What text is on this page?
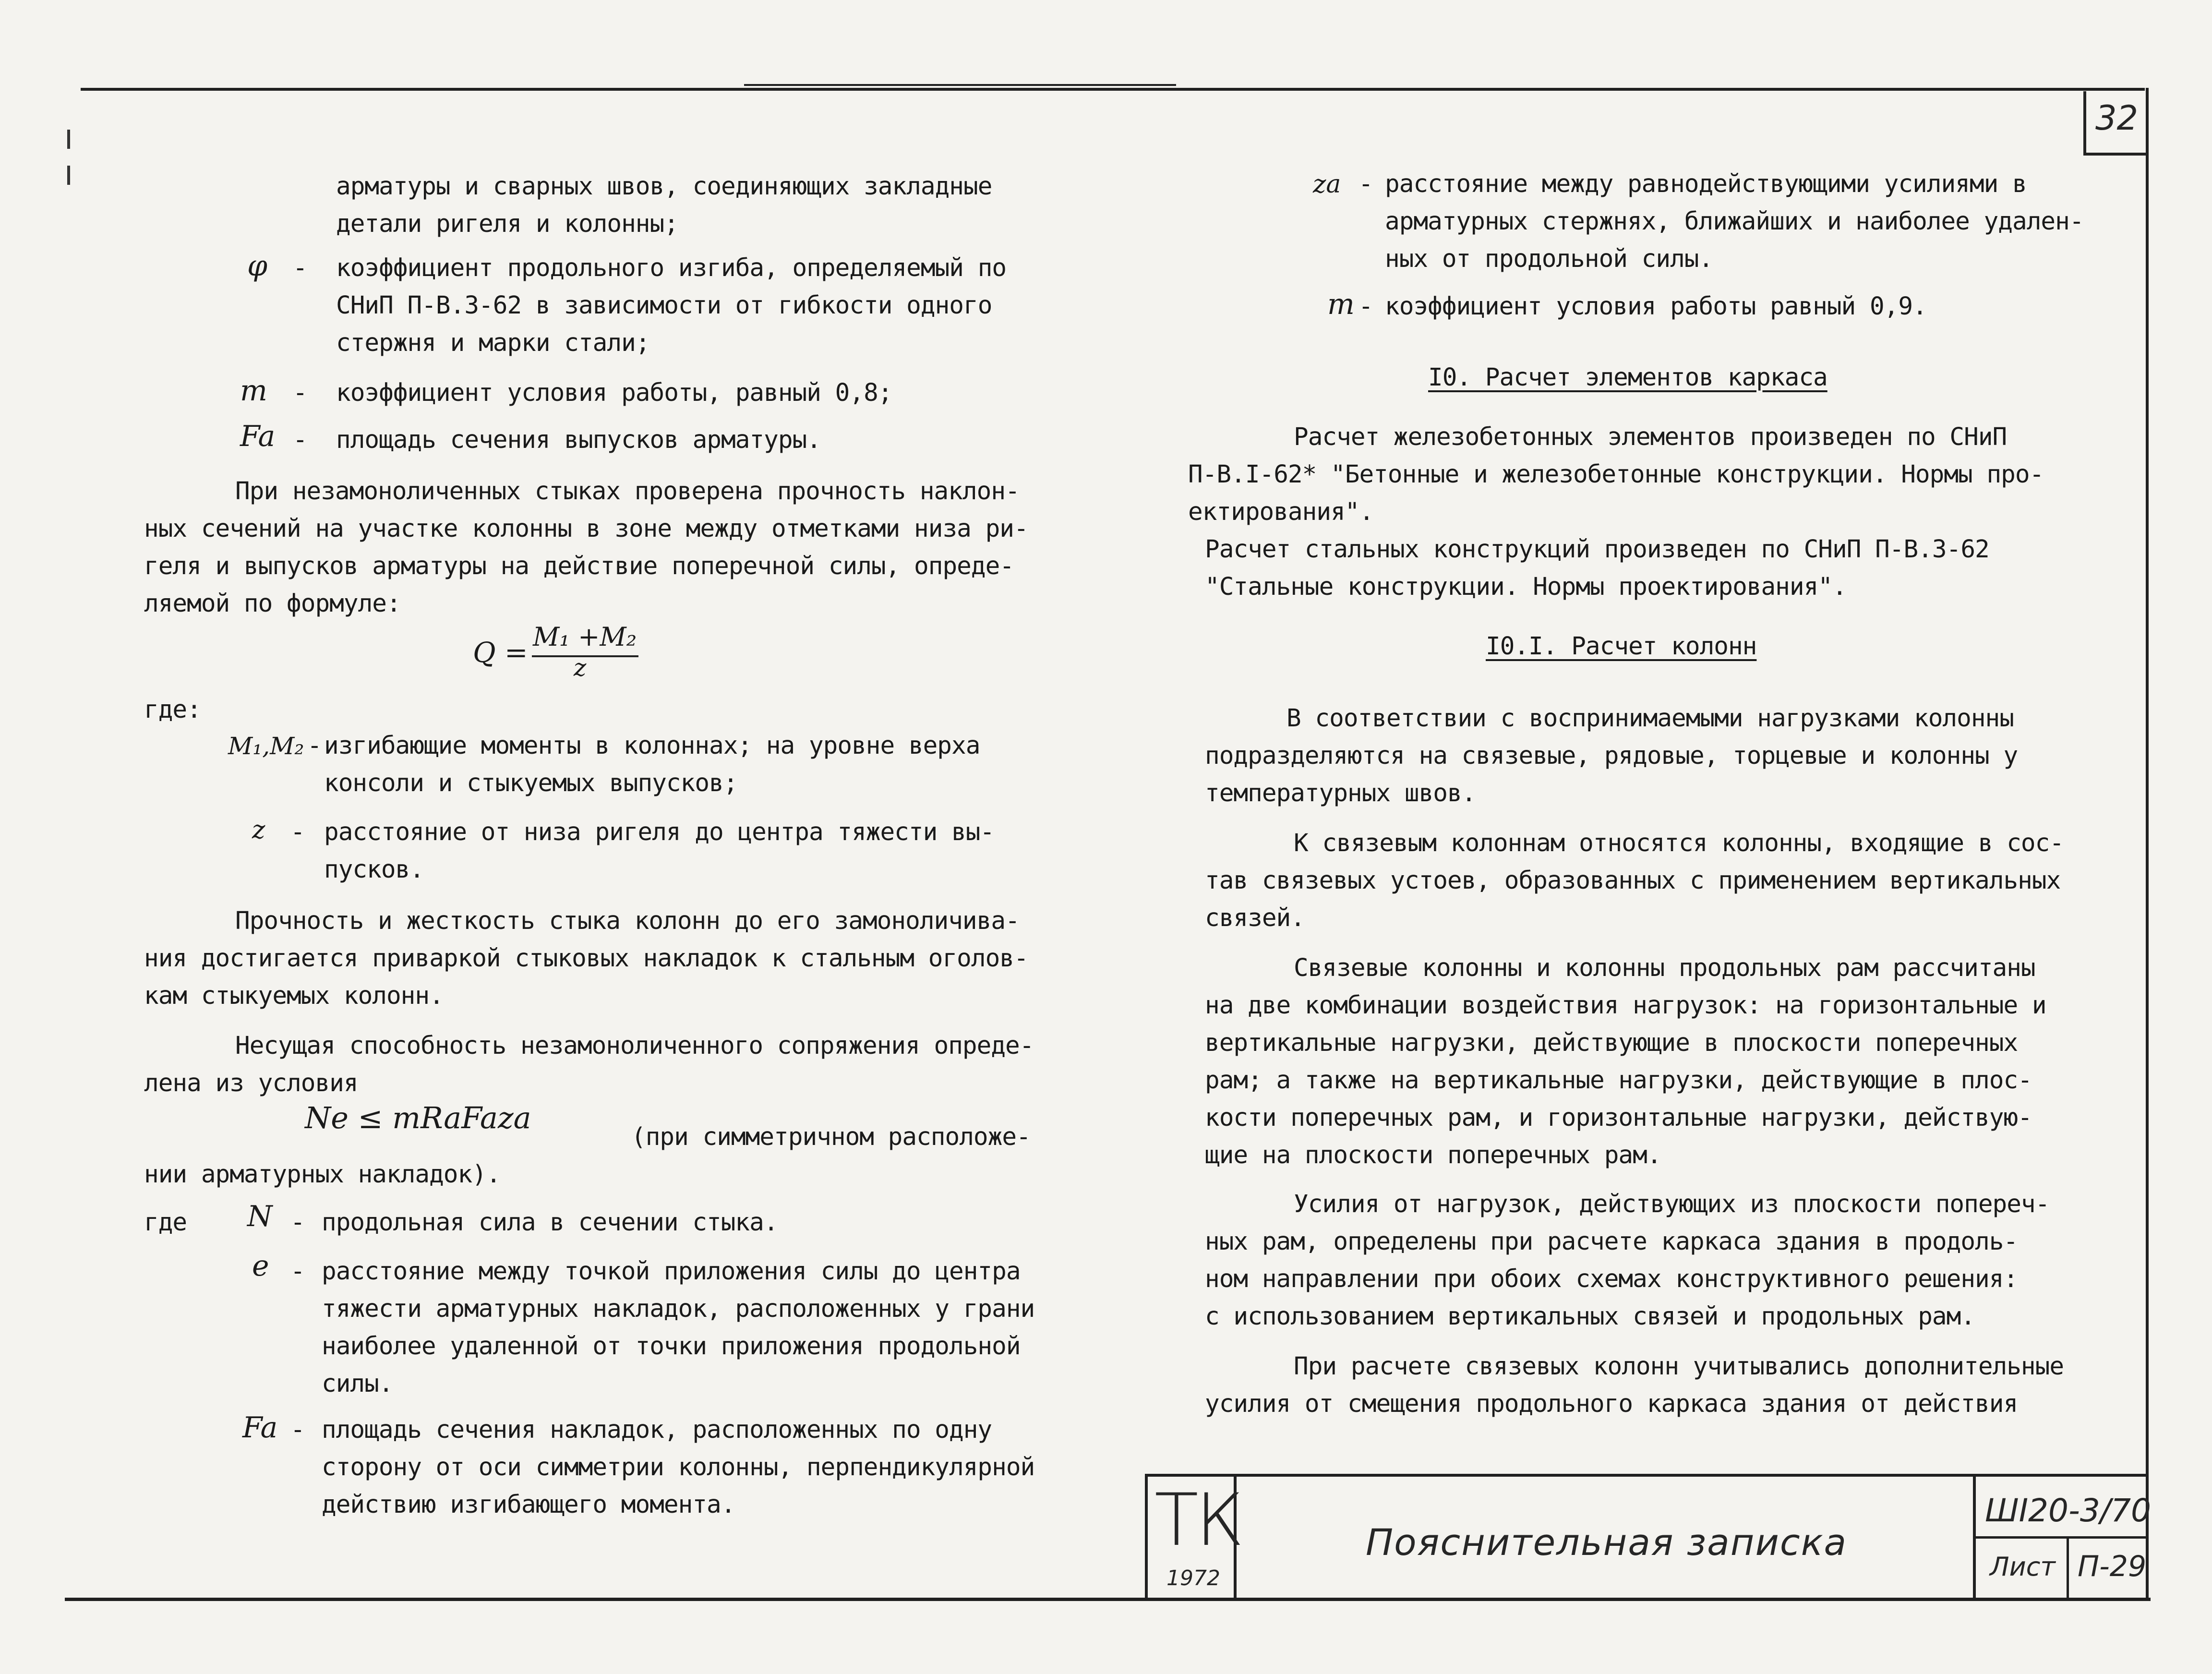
32
арматуры и сварных швов, соединяющих закладные
детали ригеля и колонны;
φ - коэффициент продольного изгиба, определяемый по
СНиП П-В.3-62 в зависимости от гибкости одного
стержня и марки стали;
m - коэффициент условия работы, равный 0,8;
Fa - площадь сечения выпусков арматуры.
При незамоноличенных стыках проверена прочность наклон-
ных сечений на участке колонны в зоне между отметками низа ри-
геля и выпусков арматуры на действие поперечной силы, опреде-
ляемой по формуле:
Q = M₁ +M₂
z
где:
M₁,M₂ - изгибающие моменты в колоннах; на уровне верха
консоли и стыкуемых выпусков;
z - расстояние от низа ригеля до центра тяжести вы-
пусков.
Прочность и жесткость стыка колонн до его замоноличива-
ния достигается приваркой стыковых накладок к стальным оголов-
кам стыкуемых колонн.
Несущая способность незамоноличенного сопряжения опреде-
лена из условия
Ne ≤ mRaFaza
(при симметричном расположе-
нии арматурных накладок).
где N - продольная сила в сечении стыка.
e - расстояние между точкой приложения силы до центра
тяжести арматурных накладок, расположенных у грани
наиболее удаленной от точки приложения продольной
силы.
Fa - площадь сечения накладок, расположенных по одну
сторону от оси симметрии колонны, перпендикулярной
действию изгибающего момента.
za - расстояние между равнодействующими усилиями в
арматурных стержнях, ближайших и наиболее удален-
ных от продольной силы.
m - коэффициент условия работы равный 0,9.
I0. Расчет элементов каркаса
Расчет железобетонных элементов произведен по СНиП
П-В.I-62* "Бетонные и железобетонные конструкции. Нормы про-
ектирования".
Расчет стальных конструкций произведен по СНиП П-В.3-62
"Стальные конструкции. Нормы проектирования".
I0.I. Расчет колонн
В соответствии с воспринимаемыми нагрузками колонны
подразделяются на связевые, рядовые, торцевые и колонны у
температурных швов.
К связевым колоннам относятся колонны, входящие в сос-
тав связевых устоев, образованных с применением вертикальных
связей.
Связевые колонны и колонны продольных рам рассчитаны
на две комбинации воздействия нагрузок: на горизонтальные и
вертикальные нагрузки, действующие в плоскости поперечных
рам; а также на вертикальные нагрузки, действующие в плос-
кости поперечных рам, и горизонтальные нагрузки, действую-
щие на плоскости поперечных рам.
Усилия от нагрузок, действующих из плоскости попереч-
ных рам, определены при расчете каркаса здания в продоль-
ном направлении при обоих схемах конструктивного решения:
с использованием вертикальных связей и продольных рам.
При расчете связевых колонн учитывались дополнительные
усилия от смещения продольного каркаса здания от действия
ТК
1972
Пояснительная записка
ШІ20-3/70
Лист П-29
